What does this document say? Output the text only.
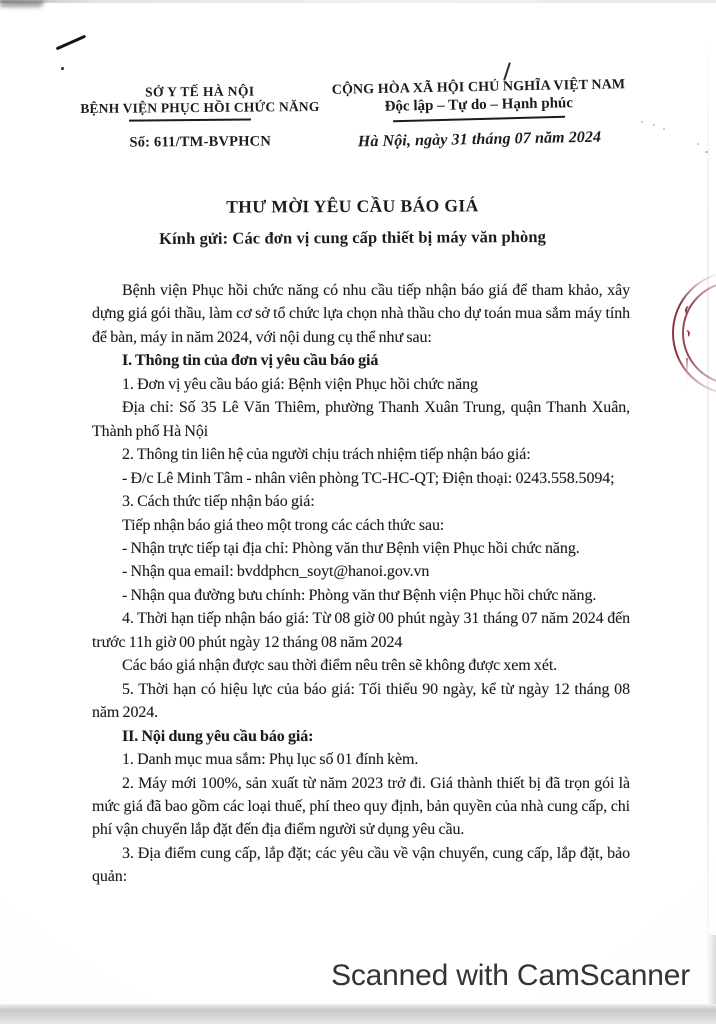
SỞ Y TẾ HÀ NỘI
BỆNH VIỆN PHỤC HỒI CHỨC NĂNG
Số: 611/TM-BVPHCN
CỘNG HÒA XÃ HỘI CHỦ NGHĨA VIỆT NAM
Độc lập – Tự do – Hạnh phúc
Hà Nội, ngày 31 tháng 07 năm 2024
THƯ MỜI YÊU CẦU BÁO GIÁ
Kính gửi: Các đơn vị cung cấp thiết bị máy văn phòng

Bệnh viện Phục hồi chức năng có nhu cầu tiếp nhận báo giá để tham khảo, xây dựng giá gói thầu, làm cơ sở tổ chức lựa chọn nhà thầu cho dự toán mua sắm máy tính để bàn, máy in năm 2024, với nội dung cụ thể như sau:

I. Thông tin của đơn vị yêu cầu báo giá

1. Đơn vị yêu cầu báo giá: Bệnh viện Phục hồi chức năng

Địa chỉ: Số 35 Lê Văn Thiêm, phường Thanh Xuân Trung, quận Thanh Xuân, Thành phố Hà Nội

2. Thông tin liên hệ của người chịu trách nhiệm tiếp nhận báo giá:

- Đ/c Lê Minh Tâm - nhân viên phòng TC-HC-QT; Điện thoại: 0243.558.5094;

3. Cách thức tiếp nhận báo giá:

Tiếp nhận báo giá theo một trong các cách thức sau:

- Nhận trực tiếp tại địa chỉ: Phòng văn thư Bệnh viện Phục hồi chức năng.

- Nhận qua email: bvddphcn_soyt@hanoi.gov.vn

- Nhận qua đường bưu chính: Phòng văn thư Bệnh viện Phục hồi chức năng.

4. Thời hạn tiếp nhận báo giá: Từ 08 giờ 00 phút ngày 31 tháng 07 năm 2024 đến trước 11h giờ 00 phút ngày 12 tháng 08 năm 2024

Các báo giá nhận được sau thời điểm nêu trên sẽ không được xem xét.

5. Thời hạn có hiệu lực của báo giá: Tối thiểu 90 ngày, kể từ ngày 12 tháng 08 năm 2024.

II. Nội dung yêu cầu báo giá:

1. Danh mục mua sắm: Phụ lục số 01 đính kèm.

2. Máy mới 100%, sản xuất từ năm 2023 trở đi. Giá thành thiết bị đã trọn gói là mức giá đã bao gồm các loại thuế, phí theo quy định, bản quyền của nhà cung cấp, chi phí vận chuyển lắp đặt đến địa điểm người sử dụng yêu cầu.

3. Địa điểm cung cấp, lắp đặt; các yêu cầu về vận chuyển, cung cấp, lắp đặt, bảo quản:

Scanned with CamScanner
